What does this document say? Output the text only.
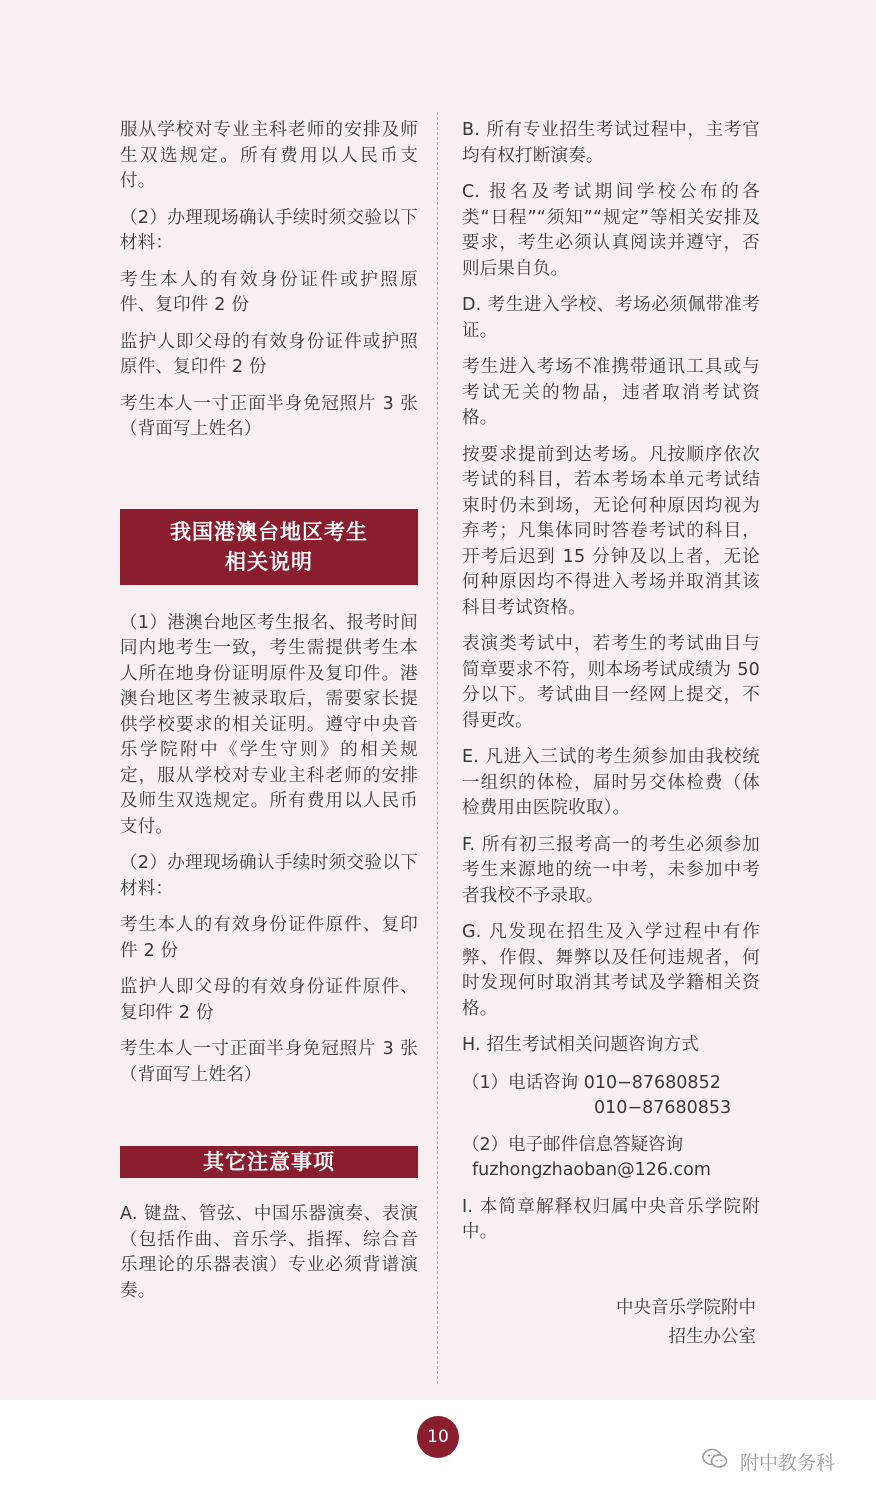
服从学校对专业主科老师的安排及师生双选规定。所有费用以人民币支付。

（2）办理现场确认手续时须交验以下材料：

考生本人的有效身份证件或护照原件、复印件 2 份

监护人即父母的有效身份证件或护照原件、复印件 2 份

考生本人一寸正面半身免冠照片 3 张（背面写上姓名）

我国港澳台地区考生
相关说明

（1）港澳台地区考生报名、报考时间同内地考生一致，考生需提供考生本人所在地身份证明原件及复印件。港澳台地区考生被录取后，需要家长提供学校要求的相关证明。遵守中央音乐学院附中《学生守则》的相关规定，服从学校对专业主科老师的安排及师生双选规定。所有费用以人民币支付。

（2）办理现场确认手续时须交验以下材料：

考生本人的有效身份证件原件、复印件 2 份

监护人即父母的有效身份证件原件、复印件 2 份

考生本人一寸正面半身免冠照片 3 张（背面写上姓名）

其它注意事项

A. 键盘、管弦、中国乐器演奏、表演（包括作曲、音乐学、指挥、综合音乐理论的乐器表演）专业必须背谱演奏。

B. 所有专业招生考试过程中，主考官均有权打断演奏。

C. 报名及考试期间学校公布的各类“日程”“须知”“规定”等相关安排及要求，考生必须认真阅读并遵守，否则后果自负。

D. 考生进入学校、考场必须佩带准考证。

考生进入考场不准携带通讯工具或与考试无关的物品，违者取消考试资格。

按要求提前到达考场。凡按顺序依次考试的科目，若本考场本单元考试结束时仍未到场，无论何种原因均视为弃考；凡集体同时答卷考试的科目，开考后迟到 15 分钟及以上者，无论何种原因均不得进入考场并取消其该科目考试资格。

表演类考试中，若考生的考试曲目与简章要求不符，则本场考试成绩为 50 分以下。考试曲目一经网上提交，不得更改。

E. 凡进入三试的考生须参加由我校统一组织的体检，届时另交体检费（体检费用由医院收取）。

F. 所有初三报考高一的考生必须参加考生来源地的统一中考，未参加中考者我校不予录取。

G. 凡发现在招生及入学过程中有作弊、作假、舞弊以及任何违规者，何时发现何时取消其考试及学籍相关资格。

H. 招生考试相关问题咨询方式

（1）电话咨询 010−87680852
010−87680853
（2）电子邮件信息答疑咨询
fuzhongzhaoban@126.com

I. 本简章解释权归属中央音乐学院附中。

中央音乐学院附中
招生办公室
10
附中教务科
